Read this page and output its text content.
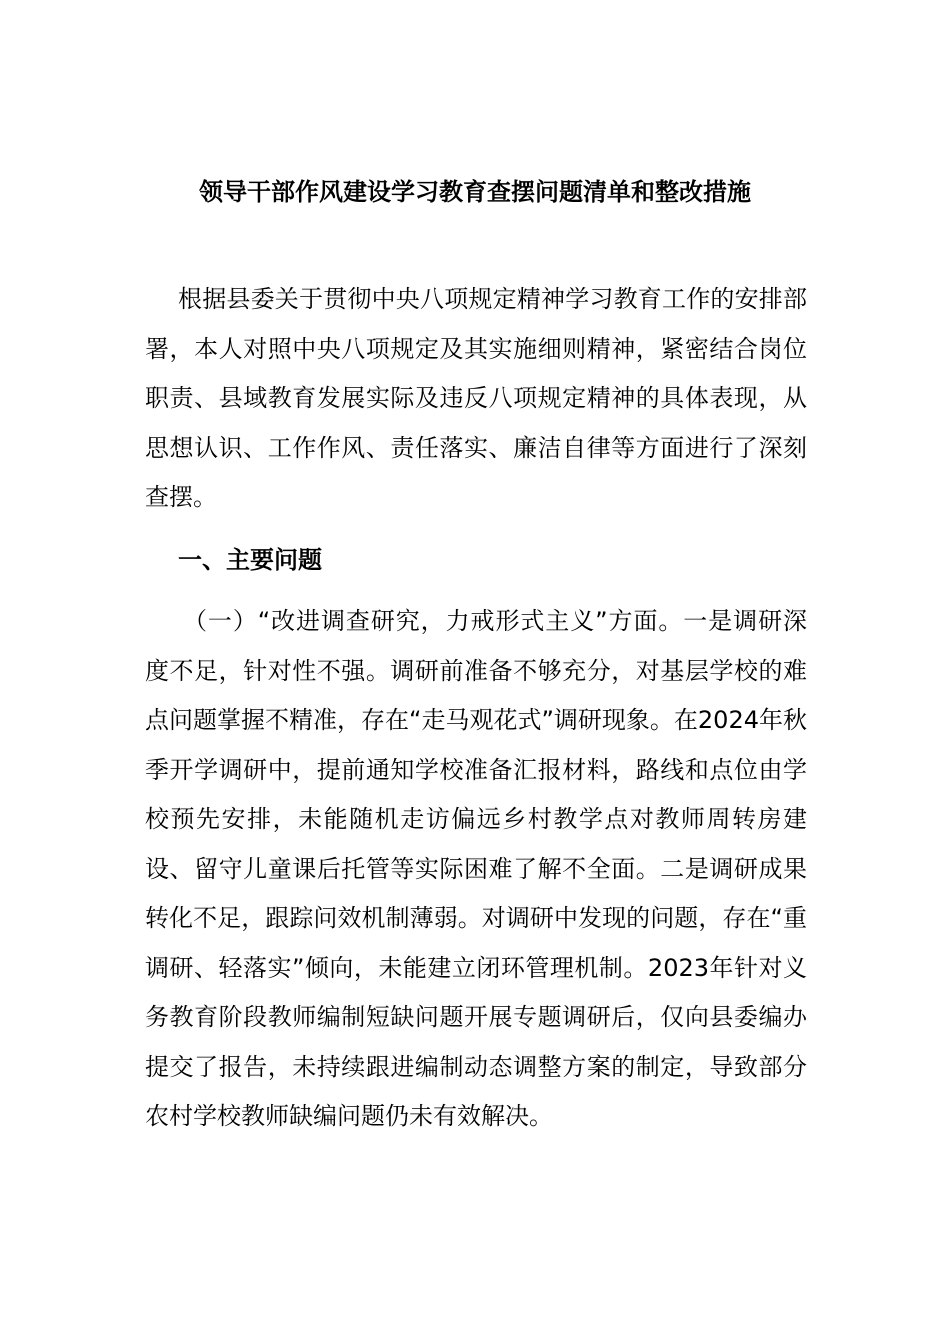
领导干部作风建设学习教育查摆问题清单和整改措施

根据县委关于贯彻中央八项规定精神学习教育工作的安排部署，本人对照中央八项规定及其实施细则精神，紧密结合岗位职责、县域教育发展实际及违反八项规定精神的具体表现，从思想认识、工作作风、责任落实、廉洁自律等方面进行了深刻查摆。

一、主要问题

（一）“改进调查研究，力戒形式主义”方面。一是调研深度不足，针对性不强。调研前准备不够充分，对基层学校的难点问题掌握不精准，存在“走马观花式”调研现象。在2024年秋季开学调研中，提前通知学校准备汇报材料，路线和点位由学校预先安排，未能随机走访偏远乡村教学点对教师周转房建设、留守儿童课后托管等实际困难了解不全面。二是调研成果转化不足，跟踪问效机制薄弱。对调研中发现的问题，存在“重调研、轻落实”倾向，未能建立闭环管理机制。2023年针对义务教育阶段教师编制短缺问题开展专题调研后，仅向县委编办提交了报告，未持续跟进编制动态调整方案的制定，导致部分农村学校教师缺编问题仍未有效解决。
